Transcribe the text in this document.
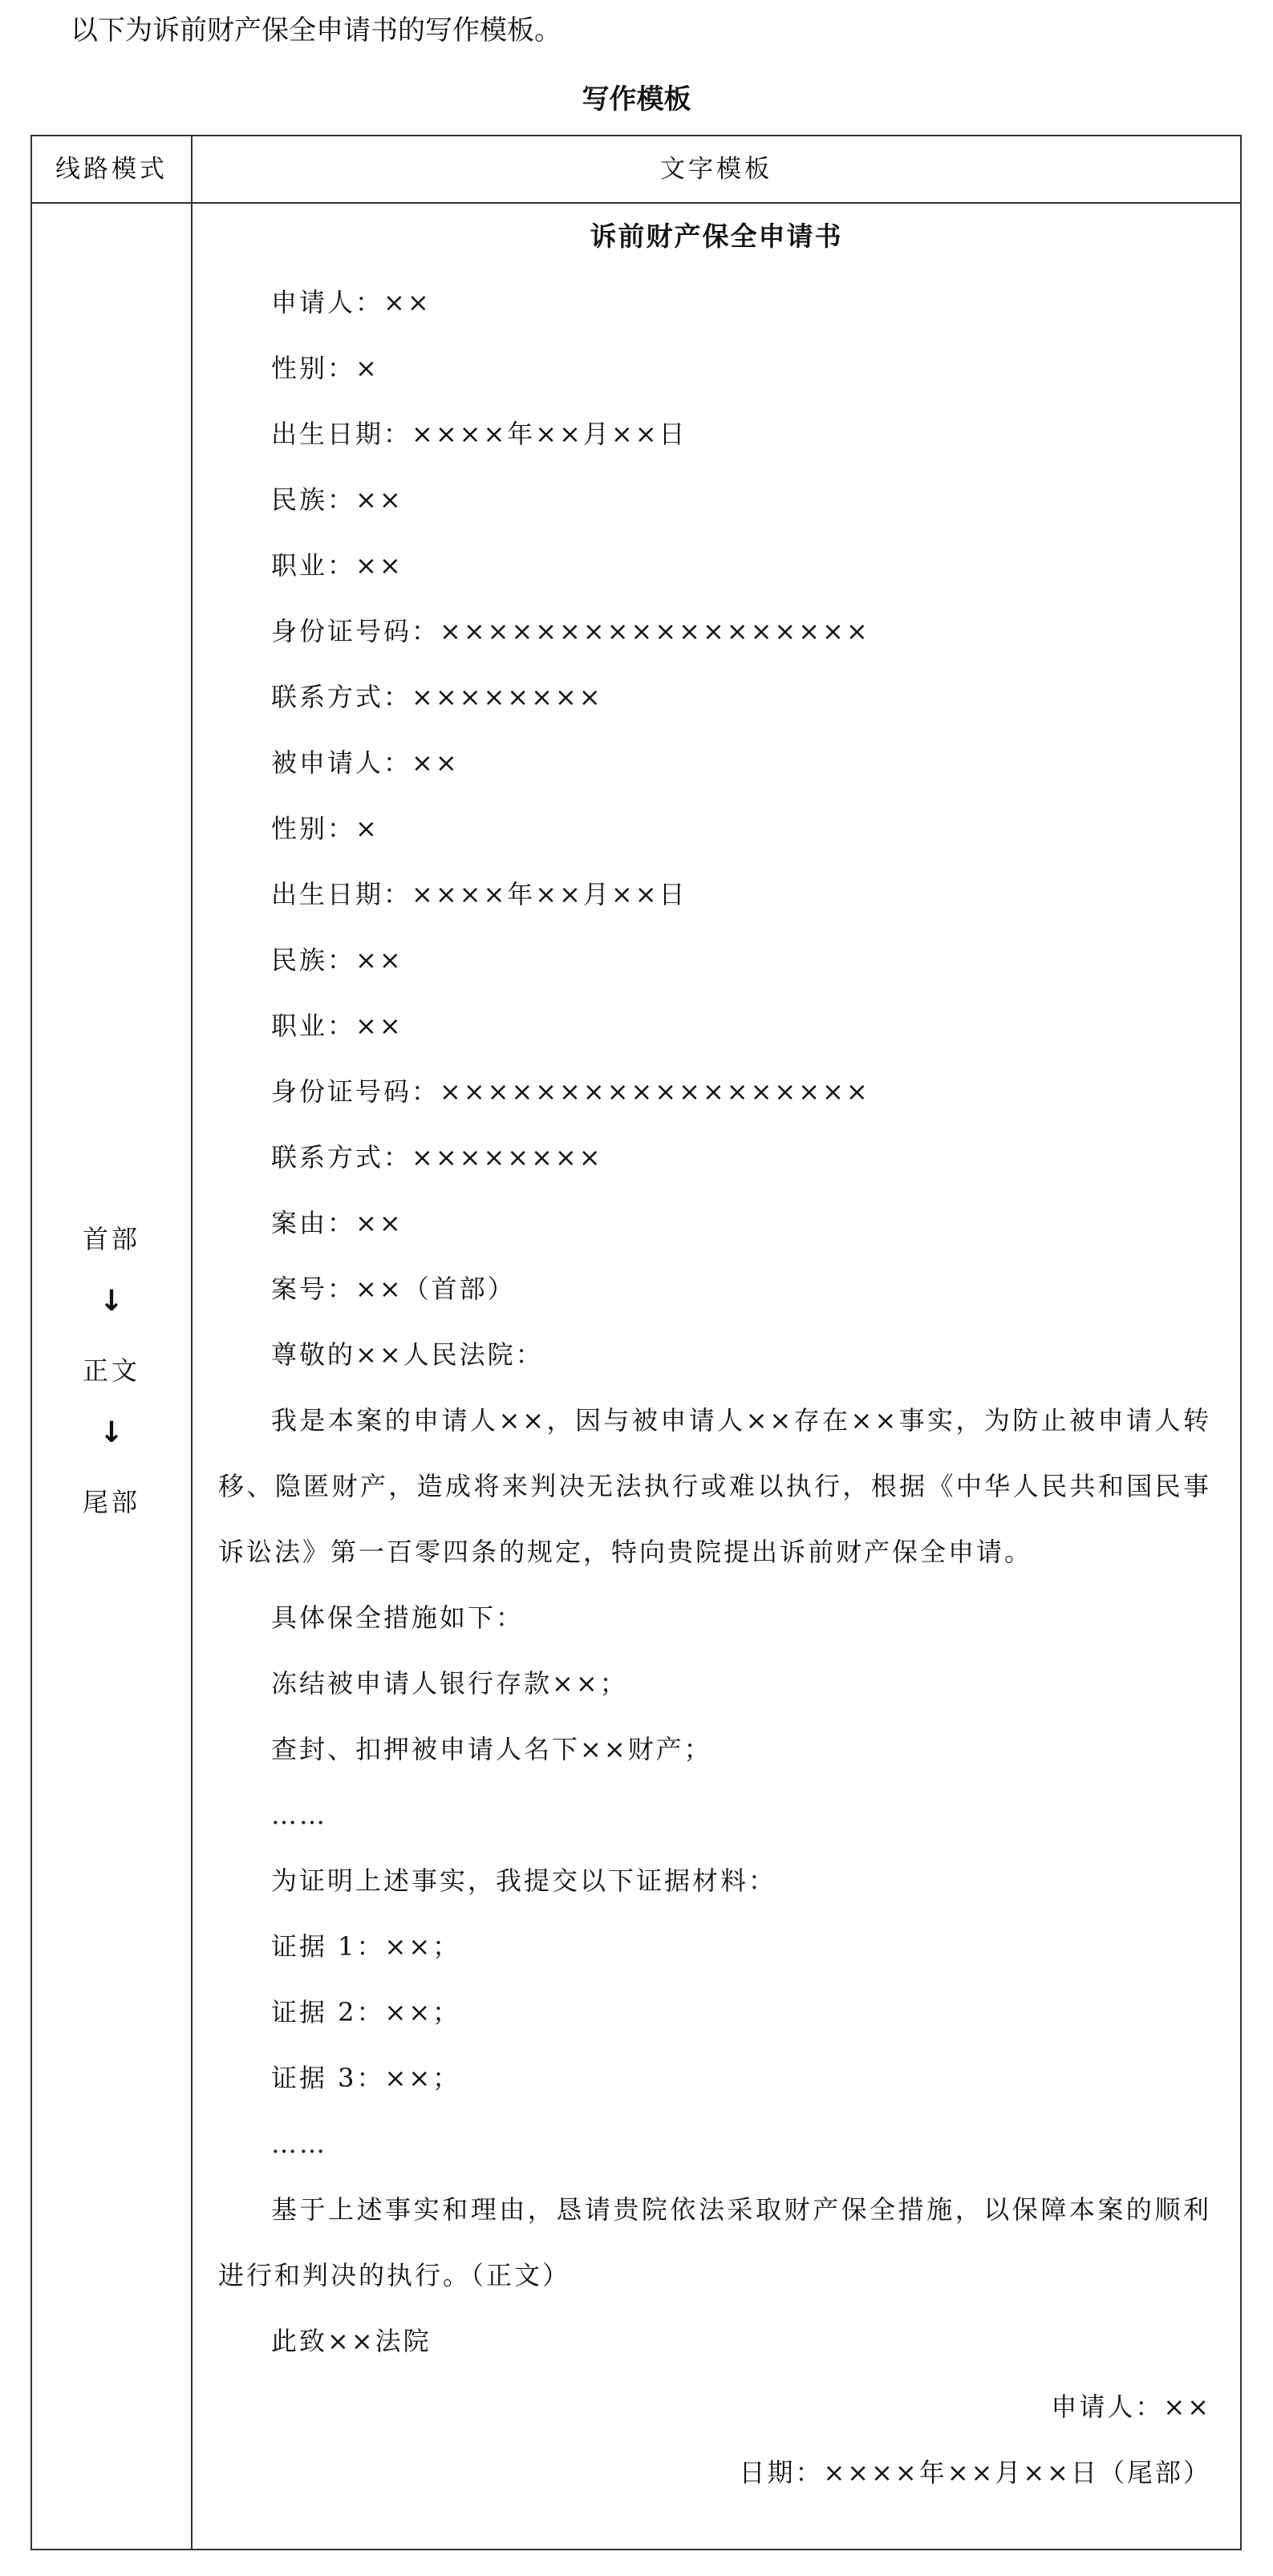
以下为诉前财产保全申请书的写作模板。
写作模板
线路模式	文字模板
首部
↓
正文
↓
尾部
诉前财产保全申请书
申请人：××
性别：×
出生日期：××××年××月××日
民族：××
职业：××
身份证号码：××××××××××××××××××
联系方式：××××××××
被申请人：××
性别：×
出生日期：××××年××月××日
民族：××
职业：××
身份证号码：××××××××××××××××××
联系方式：××××××××
案由：××
案号：××（首部）
尊敬的××人民法院：
我是本案的申请人××，因与被申请人××存在××事实，为防止被申请人转移、隐匿财产，造成将来判决无法执行或难以执行，根据《中华人民共和国民事诉讼法》第一百零四条的规定，特向贵院提出诉前财产保全申请。
具体保全措施如下：
冻结被申请人银行存款××；
查封、扣押被申请人名下××财产；
……
为证明上述事实，我提交以下证据材料：
证据 1：××；
证据 2：××；
证据 3：××；
……
基于上述事实和理由，恳请贵院依法采取财产保全措施，以保障本案的顺利进行和判决的执行。（正文）
此致××法院
申请人：××
日期：××××年××月××日（尾部）
